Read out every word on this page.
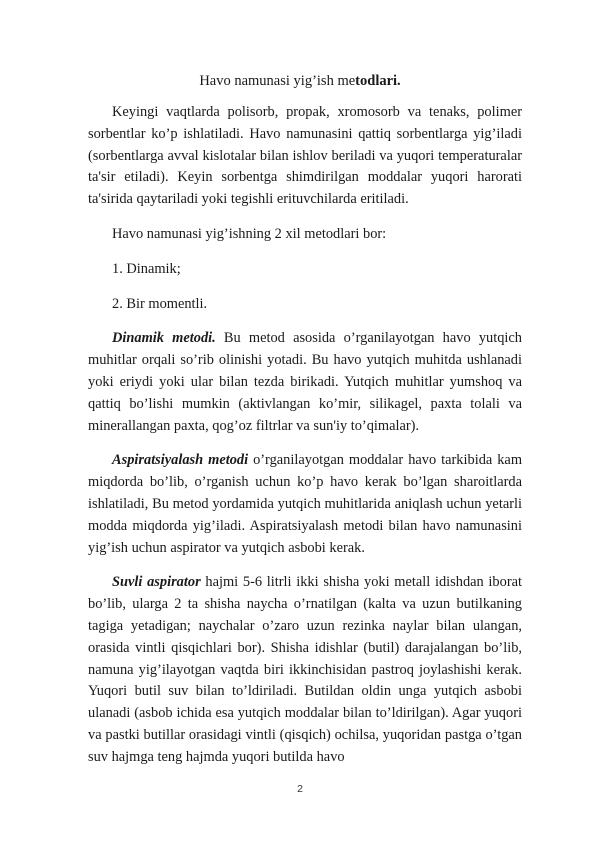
Havo namunasi yig’ish metodlari.

Keyingi vaqtlarda polisorb, propak, xromosorb va tenaks, polimer sorbentlar ko’p ishlatiladi. Havo namunasini qattiq sorbentlarga yig’iladi (sorbentlarga avval kislotalar bilan ishlov beriladi va yuqori temperaturalar ta'sir etiladi). Keyin sorbentga shimdirilgan moddalar yuqori harorati ta'sirida qaytariladi yoki tegishli erituvchilarda eritiladi.

Havo namunasi yig’ishning 2 xil metodlari bor:

1. Dinamik;

2. Bir momentli.

Dinamik metodi. Bu metod asosida o’rganilayotgan havo yutqich muhitlar orqali so’rib olinishi yotadi. Bu havo yutqich muhitda ushlanadi yoki eriydi yoki ular bilan tezda birikadi. Yutqich muhitlar yumshoq va qattiq bo’lishi mumkin (aktivlangan ko’mir, silikagel, paxta tolali va minerallangan paxta, qog’oz filtrlar va sun'iy to’qimalar).

Aspiratsiyalash metodi o’rganilayotgan moddalar havo tarkibida kam miqdorda bo’lib, o’rganish uchun ko’p havo kerak bo’lgan sharoitlarda ishlatiladi, Bu metod yordamida yutqich muhitlarida aniqlash uchun yetarli modda miqdorda yig’iladi. Aspiratsiyalash metodi bilan havo namunasini yig’ish uchun aspirator va yutqich asbobi kerak.

Suvli aspirator hajmi 5-6 litrli ikki shisha yoki metall idishdan iborat bo’lib, ularga 2 ta shisha naycha o’rnatilgan (kalta va uzun butilkaning tagiga yetadigan; naychalar o’zaro uzun rezinka naylar bilan ulangan, orasida vintli qisqichlari bor). Shisha idishlar (butil) darajalangan bo’lib, namuna yig’ilayotgan vaqtda biri ikkinchisidan pastroq joylashishi kerak. Yuqori butil suv bilan to’ldiriladi. Butildan oldin unga yutqich asbobi ulanadi (asbob ichida esa yutqich moddalar bilan to’ldirilgan). Agar yuqori va pastki butillar orasidagi vintli (qisqich) ochilsa, yuqoridan pastga o’tgan suv hajmga teng hajmda yuqori butilda havo

2
